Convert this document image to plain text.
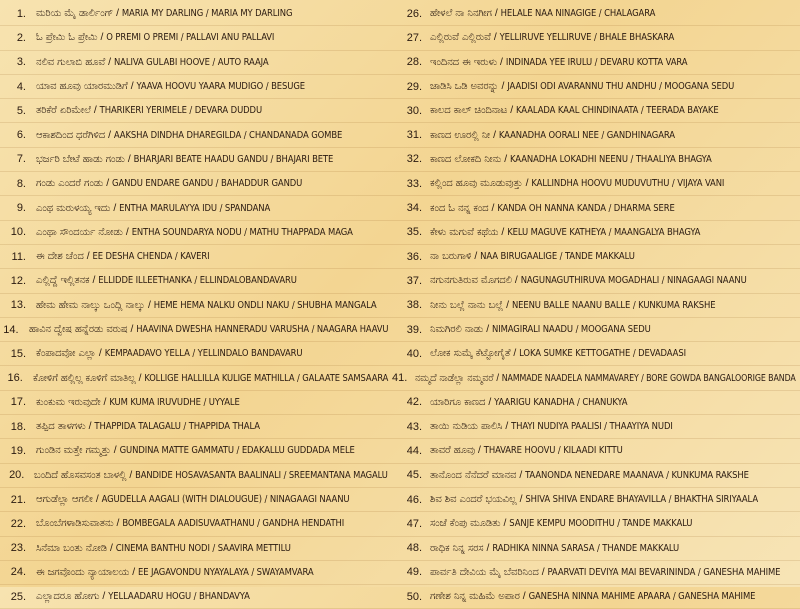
1.	ಮರಿಯ ಮೈ ಡಾರ್ಲಿಂಗ್ / MARIA MY DARLING / MARIA MY DARLING
2.	ಓ ಪ್ರೇಮಿ ಓ ಪ್ರೇಮಿ / O PREMI O PREMI / PALLAVI ANU PALLAVI
3.	ನಲಿವ ಗುಲಾಬಿ ಹೂವೆ / NALIVA GULABI HOOVE / AUTO RAAJA
4.	ಯಾವ ಹೂವು ಯಾರಮುಡಿಗೆ / YAAVA HOOVU YAARA MUDIGO / BESUGE
5.	ತರಿಕೆರೆ ಏರಿಮೇಲೆ / THARIKERI YERIMELE / DEVARA DUDDU
6.	ಆಕಾಶದಿಂದ ಧರೆಗಿಳಿದ / AAKSHA DINDHA DHAREGILDA / CHANDANADA GOMBE
7.	ಭರ್ಜರಿ ಬೇಟೆ ಹಾಡು ಗಂಡು / BHARJARI BEATE HAADU GANDU / BHAJARI BETE
8.	ಗಂಡು ಎಂದರೆ ಗಂಡು / GANDU ENDARE GANDU / BAHADDUR GANDU
9.	ಎಂಥ ಮರುಳಯ್ಯ ಇದು / ENTHA MARULAYYA IDU / SPANDANA
10.	ಎಂಥಾ ಸೌಂದರ್ಯ ನೋಡು / ENTHA SOUNDARYA NODU / MATHU THAPPADA MAGA
11.	ಈ ದೇಶ ಚೆಂದ / EE DESHA CHENDA / KAVERI
12.	ಎಲ್ಲಿದ್ದೆ ಇಲ್ಲಿತನಕ / ELLIDDE ILLEETHANKA / ELLINDALOBANDAVARU
13.	ಹೇಮ ಹೇಮ ನಾಲ್ಕು ಒಂದ್ಲಿ ನಾಲ್ಕು / HEME HEMA NALKU ONDLI NAKU / SHUBHA MANGALA
14.	ಹಾವಿನ ದ್ವೇಷ ಹನ್ನೆರಡು ವರುಷ / HAAVINA DWESHA HANNERADU VARUSHA / NAAGARA HAAVU
15.	ಕೆಂಪಾದವೋ ಎಲ್ಲಾ / KEMPAADAVO YELLA / YELLINDALO BANDAVARU
16.	ಕೋಳಿಗೆ ಹಲ್ಲಿಲ್ಲ ಕೂಳಿಗೆ ಮಾತಿಲ್ಲ / KOLLIGE HALLILLA KULIGE MATHILLA / GALAATE SAMSAARA
17.	ಕುಂಕುಮ ಇರುವುದೇ / KUM KUMA IRUVUDHE / UYYALE
18.	ತಪ್ಪಿದ ತಾಳಗಳು / THAPPIDA TALAGALU / THAPPIDA THALA
19.	ಗುಂಡಿನ ಮತ್ತೇ ಗಮ್ಮತ್ತು / GUNDINA MATTE GAMMATU / EDAKALLU GUDDADA MELE
20.	ಬಂದಿದೆ ಹೊಸವಸಂತ ಬಾಳಲ್ಲಿ / BANDIDE HOSAVASANTA BAALINALI / SREEMANTANA MAGALU
21.	ಆಗುಡೆಲ್ಲಾ ಆಗಲೀ / AGUDELLA AAGALI (WITH DIALOUGUE) / NINAGAAGI NAANU
22.	ಬೊಂಬೆಗಳಾಡಿಸುವಾತನು / BOMBEGALA AADISUVAATHANU / GANDHA HENDATHI
23.	ಸಿನೆಮಾ ಬಂತು ನೋಡಿ / CINEMA BANTHU NODI / SAAVIRA METTILU
24.	ಈ ಜಗವೊಂದು ನ್ಯಾಯಾಲಯ / EE JAGAVONDU NYAYALAYA / SWAYAMVARA
25.	ಎಲ್ಲಾದರೂ ಹೋಗು / YELLAADARU HOGU / BHANDAVYA
26. ಹೇಳಲೆ ನಾ ನಿನಗೀಗ / HELALE NAA NINAGIGE / CHALAGARA
27. ಎಲ್ಲಿರುವೆ ಎಲ್ಲಿರುವೆ / YELLIRUVE YELLIRUVE / BHALE BHASKARA
28. ಇಂದಿನದ ಈ ಇರುಳು / INDINADA YEE IRULU / DEVARU KOTTA VARA
29. ಜಾಡಿಸಿ ಒಡಿ ಅವರನ್ನು / JAADISI ODI AVARANNU THU ANDHU / MOOGANA SEDU
30. ಕಾಲದ ಕಾಲ್ ಚಿಂದಿನಾಟ / KAALADA KAAL CHINDINAATA / TEERADA BAYAKE
31. ಕಾಣದ ಊರಲ್ಲಿ ನೀ / KAANADHA OORALI NEE / GANDHINAGARA
32. ಕಾಣದ ಲೋಕದಿ ನೀನು / KAANADHA LOKADHI NEENU / THAALIYA BHAGYA
33. ಕಲ್ಲಿಂದ ಹೂವು ಮೂಡುವುತ್ತು / KALLINDHA HOOVU MUDUVUTHU / VIJAYA VANI
34. ಕಂದ ಓ ನನ್ನ ಕಂದ / KANDA OH NANNA KANDA / DHARMA SERE
35. ಕೇಳು ಮಗುವೆ ಕಥೆಯ / KELU MAGUVE KATHEYA / MAANGALYA BHAGYA
36. ನಾ ಬರುಗಾಳಿ / NAA BIRUGAALIGE / TANDE MAKKALU
37. ನಗುನಗುತಿರುವ ಮೊಗದಲಿ / NAGUNAGUTHIRUVA MOGADHALI / NINAGAAGI NAANU
38. ನೀನು ಬಲ್ಲೆ ನಾನು ಬಲ್ಲೆ / NEENU BALLE NAANU BALLE / KUNKUMA RAKSHE
39. ನಿಮಗಿರಲಿ ನಾಡು / NIMAGIRALI NAADU / MOOGANA SEDU
40. ಲೋಕ ಸುಮ್ಕೆ ಕೆಟ್ಟೋಗೈತೆ / LOKA SUMKE KETTOGATHE / DEVADAASI
41. ನಮ್ಮದೆ ನಾಡೆಲ್ಲಾ ನಮ್ಮವರೆ / NAMMADE NAADELA NAMMAVAREY / BORE GOWDA BANGALOORIGE BANDA
42. ಯಾರಿಗೂ ಕಾಣದ / YAARIGU KANADHA / CHANUKYA
43. ತಾಯಿ ನುಡಿಯ ಪಾಲಿಸಿ / THAYI NUDIYA PAALISI / THAAYIYA NUDI
44. ತಾವರೆ ಹೂವು / THAVARE HOOVU / KILAADI KITTU
45. ತಾನೊಂದ ನೆನೆದರೆ ಮಾನವ / TAANONDA NENEDARE MAANAVA / KUNKUMA RAKSHE
46. ಶಿವ ಶಿವ ಎಂದರೆ ಭಯವಿಲ್ಲ / SHIVA SHIVA ENDARE BHAYAVILLA / BHAKTHA SIRIYAALA
47. ಸಂಜೆ ಕೆಂಪು ಮೂಡಿತು / SANJE KEMPU MOODITHU / TANDE MAKKALU
48. ರಾಧಿಕ ನಿನ್ನ ಸರಸ / RADHIKA NINNA SARASA / THANDE MAKKALU
49. ಪಾರ್ವತಿ ದೇವಿಯ ಮೈ ಬೆವರಿನಿಂದ / PAARVATI DEVIYA MAI BEVARININDA / GANESHA MAHIME
50. ಗಣೇಶ ನಿನ್ನ ಮಹಿಮೆ ಅಪಾರ / GANESHA NINNA MAHIME APAARA / GANESHA MAHIME
